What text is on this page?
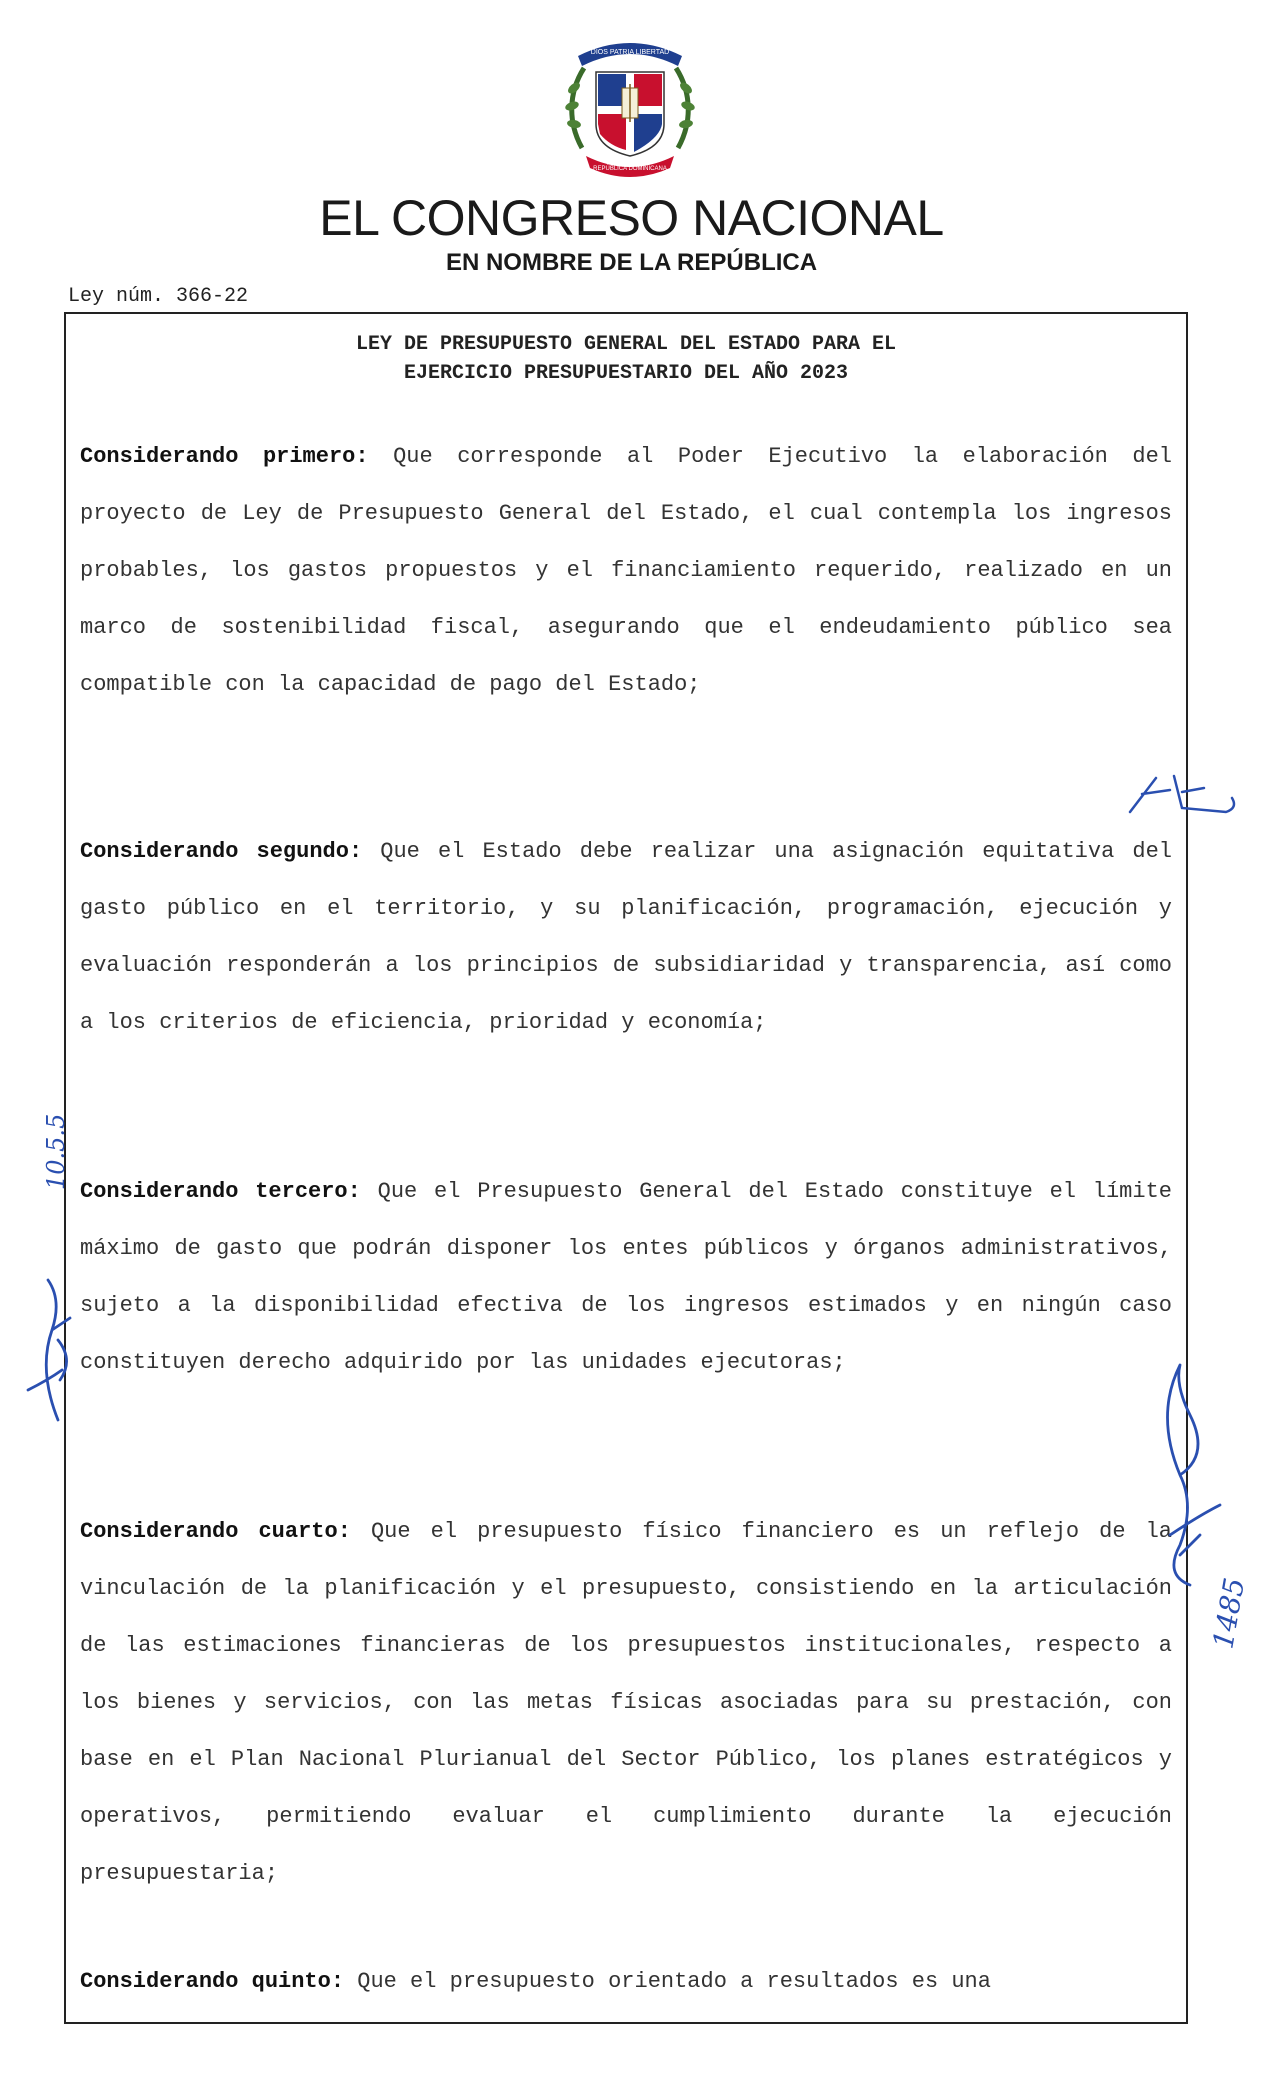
DIOS PATRIA LIBERTAD
REPÚBLICA DOMINICANA
EL CONGRESO NACIONAL
EN NOMBRE DE LA REPÚBLICA
Ley núm. 366-22
LEY DE PRESUPUESTO GENERAL DEL ESTADO PARA EL
EJERCICIO PRESUPUESTARIO DEL AÑO 2023
Considerando primero: Que corresponde al Poder Ejecutivo la elaboración del proyecto de Ley de Presupuesto General del Estado, el cual contempla los ingresos probables, los gastos propuestos y el financiamiento requerido, realizado en un marco de sostenibilidad fiscal, asegurando que el endeudamiento público sea compatible con la capacidad de pago del Estado;
Considerando segundo: Que el Estado debe realizar una asignación equitativa del gasto público en el territorio, y su planificación, programación, ejecución y evaluación responderán a los principios de subsidiaridad y transparencia, así como a los criterios de eficiencia, prioridad y economía;
Considerando tercero: Que el Presupuesto General del Estado constituye el límite máximo de gasto que podrán disponer los entes públicos y órganos administrativos, sujeto a la disponibilidad efectiva de los ingresos estimados y en ningún caso constituyen derecho adquirido por las unidades ejecutoras;
Considerando cuarto: Que el presupuesto físico financiero es un reflejo de la vinculación de la planificación y el presupuesto, consistiendo en la articulación de las estimaciones financieras de los presupuestos institucionales, respecto a los bienes y servicios, con las metas físicas asociadas para su prestación, con base en el Plan Nacional Plurianual del Sector Público, los planes estratégicos y operativos, permitiendo evaluar el cumplimiento durante la ejecución presupuestaria;
Considerando quinto: Que el presupuesto orientado a resultados es una
10.5.5
1485
